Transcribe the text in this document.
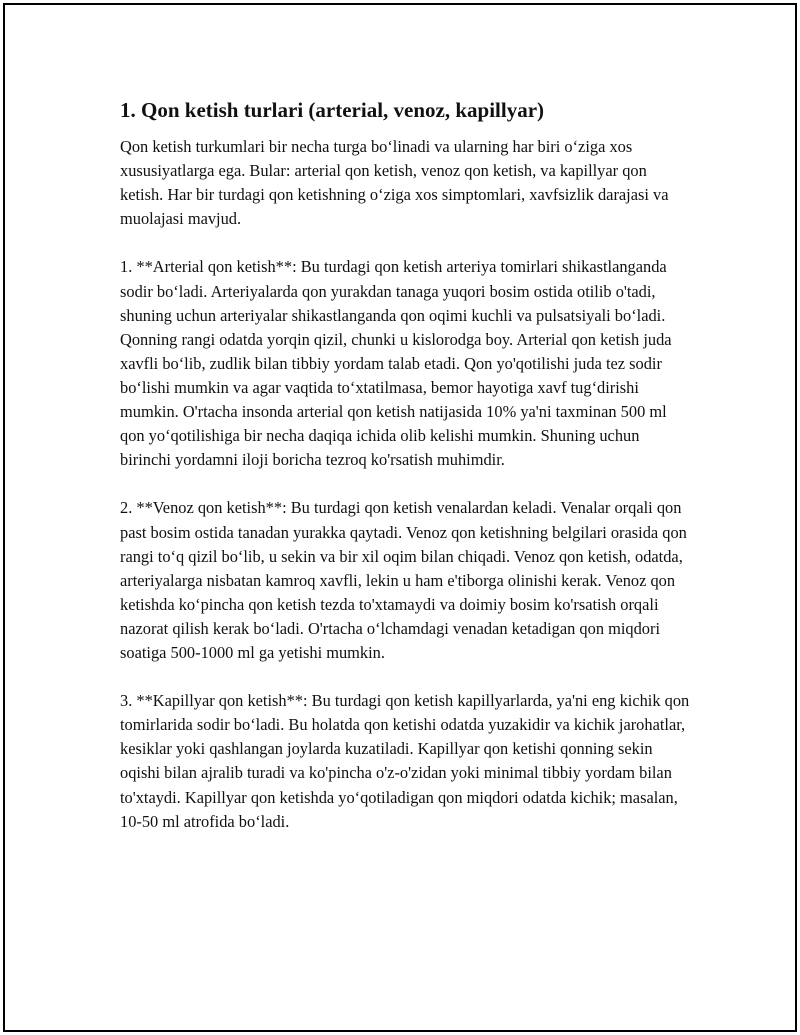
1. Qon ketish turlari (arterial, venoz, kapillyar)

Qon ketish turkumlari bir necha turga bo‘linadi va ularning har biri o‘ziga xos xususiyatlarga ega. Bular: arterial qon ketish, venoz qon ketish, va kapillyar qon ketish. Har bir turdagi qon ketishning o‘ziga xos simptomlari, xavfsizlik darajasi va muolajasi mavjud.

1. **Arterial qon ketish**: Bu turdagi qon ketish arteriya tomirlari shikastlanganda sodir bo‘ladi. Arteriyalarda qon yurakdan tanaga yuqori bosim ostida otilib o'tadi, shuning uchun arteriyalar shikastlanganda qon oqimi kuchli va pulsatsiyali bo‘ladi. Qonning rangi odatda yorqin qizil, chunki u kislorodga boy. Arterial qon ketish juda xavfli bo‘lib, zudlik bilan tibbiy yordam talab etadi. Qon yo'qotilishi juda tez sodir bo‘lishi mumkin va agar vaqtida to‘xtatilmasa, bemor hayotiga xavf tug‘dirishi mumkin. O'rtacha insonda arterial qon ketish natijasida 10% ya'ni taxminan 500 ml qon yo‘qotilishiga bir necha daqiqa ichida olib kelishi mumkin. Shuning uchun birinchi yordamni iloji boricha tezroq ko'rsatish muhimdir.

2. **Venoz qon ketish**: Bu turdagi qon ketish venalardan keladi. Venalar orqali qon past bosim ostida tanadan yurakka qaytadi. Venoz qon ketishning belgilari orasida qon rangi to‘q qizil bo‘lib, u sekin va bir xil oqim bilan chiqadi. Venoz qon ketish, odatda, arteriyalarga nisbatan kamroq xavfli, lekin u ham e'tiborga olinishi kerak. Venoz qon ketishda ko‘pincha qon ketish tezda to'xtamaydi va doimiy bosim ko'rsatish orqali nazorat qilish kerak bo‘ladi. O'rtacha o‘lchamdagi venadan ketadigan qon miqdori soatiga 500-1000 ml ga yetishi mumkin.

3. **Kapillyar qon ketish**: Bu turdagi qon ketish kapillyarlarda, ya'ni eng kichik qon tomirlarida sodir bo‘ladi. Bu holatda qon ketishi odatda yuzakidir va kichik jarohatlar, kesiklar yoki qashlangan joylarda kuzatiladi. Kapillyar qon ketishi qonning sekin oqishi bilan ajralib turadi va ko'pincha o'z-o'zidan yoki minimal tibbiy yordam bilan to'xtaydi. Kapillyar qon ketishda yo‘qotiladigan qon miqdori odatda kichik; masalan, 10-50 ml atrofida bo‘ladi.
